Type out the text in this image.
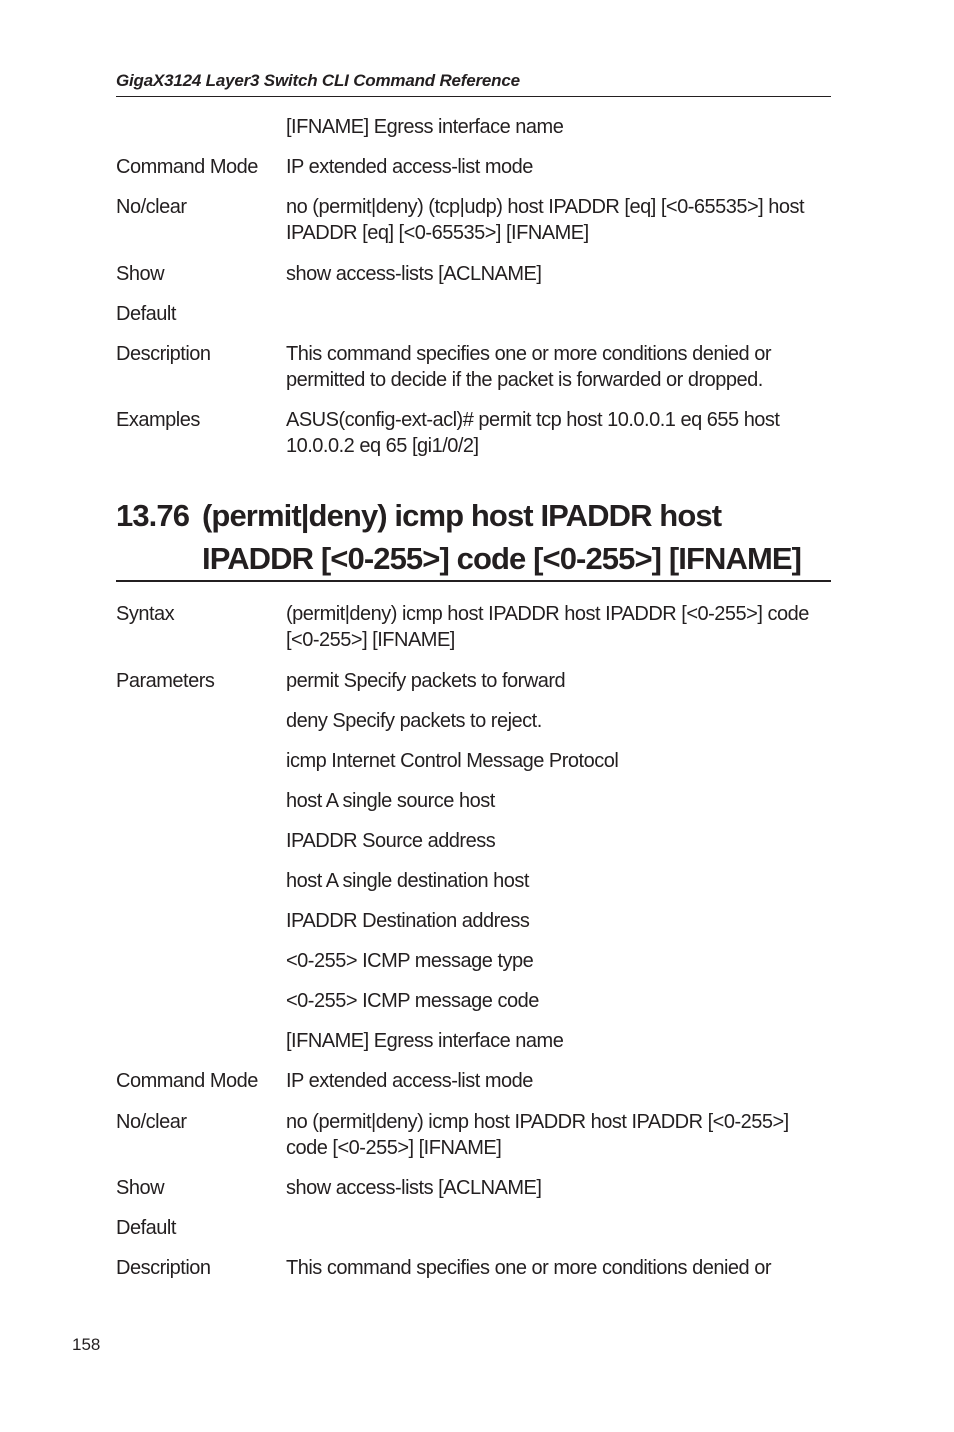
GigaX3124 Layer3 Switch CLI Command Reference
[IFNAME] Egress interface name
Command Mode	IP extended access-list mode
No/clear	no (permit|deny) (tcp|udp) host IPADDR [eq] [<0-65535>] host
IPADDR [eq] [<0-65535>] [IFNAME]
Show	show access-lists [ACLNAME]
Default
Description	This command specifies one or more conditions denied or
permitted to decide if the packet is forwarded or dropped.
Examples	ASUS(config-ext-acl)# permit tcp host 10.0.0.1 eq 655 host
10.0.0.2 eq 65 [gi1/0/2]
13.76 (permit|deny) icmp host IPADDR host
IPADDR [<0-255>] code [<0-255>] [IFNAME]
Syntax	(permit|deny) icmp host IPADDR host IPADDR [<0-255>] code
[<0-255>] [IFNAME]
Parameters	permit Specify packets to forward
deny Specify packets to reject.
icmp Internet Control Message Protocol
host A single source host
IPADDR Source address
host A single destination host
IPADDR Destination address
<0-255> ICMP message type
<0-255> ICMP message code
[IFNAME] Egress interface name
Command Mode	IP extended access-list mode
No/clear	no (permit|deny) icmp host IPADDR host IPADDR [<0-255>]
code [<0-255>] [IFNAME]
Show	show access-lists [ACLNAME]
Default
Description	This command specifies one or more conditions denied or
158
